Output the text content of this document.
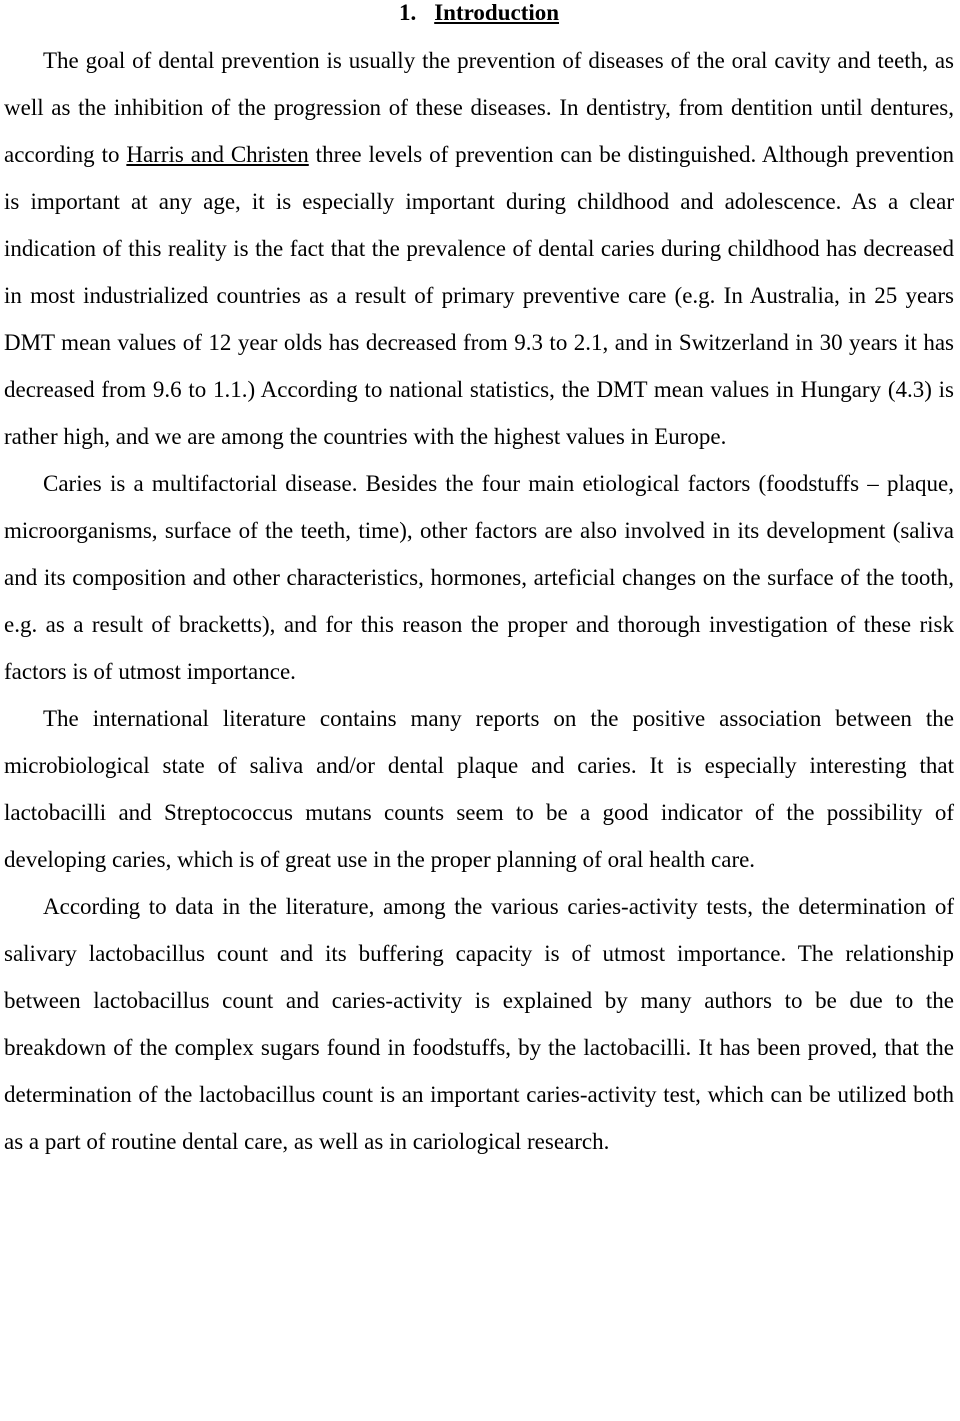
1. Introduction

The goal of dental prevention is usually the prevention of diseases of the oral cavity and teeth, as well as the inhibition of the progression of these diseases. In dentistry, from dentition until dentures, according to Harris and Christen three levels of prevention can be distinguished. Although prevention is important at any age, it is especially important during childhood and adolescence. As a clear indication of this reality is the fact that the prevalence of dental caries during childhood has decreased in most industrialized countries as a result of primary preventive care (e.g. In Australia, in 25 years DMT mean values of 12 year olds has decreased from 9.3 to 2.1, and in Switzerland in 30 years it has decreased from 9.6 to 1.1.) According to national statistics, the DMT mean values in Hungary (4.3) is rather high, and we are among the countries with the highest values in Europe.

Caries is a multifactorial disease. Besides the four main etiological factors (foodstuffs – plaque, microorganisms, surface of the teeth, time), other factors are also involved in its development (saliva and its composition and other characteristics, hormones, arteficial changes on the surface of the tooth, e.g. as a result of bracketts), and for this reason the proper and thorough investigation of these risk factors is of utmost importance.

The international literature contains many reports on the positive association between the microbiological state of saliva and/or dental plaque and caries. It is especially interesting that lactobacilli and Streptococcus mutans counts seem to be a good indicator of the possibility of developing caries, which is of great use in the proper planning of oral health care.

According to data in the literature, among the various caries-activity tests, the determination of salivary lactobacillus count and its buffering capacity is of utmost importance. The relationship between lactobacillus count and caries-activity is explained by many authors to be due to the breakdown of the complex sugars found in foodstuffs, by the lactobacilli. It has been proved, that the determination of the lactobacillus count is an important caries-activity test, which can be utilized both as a part of routine dental care, as well as in cariological research.
